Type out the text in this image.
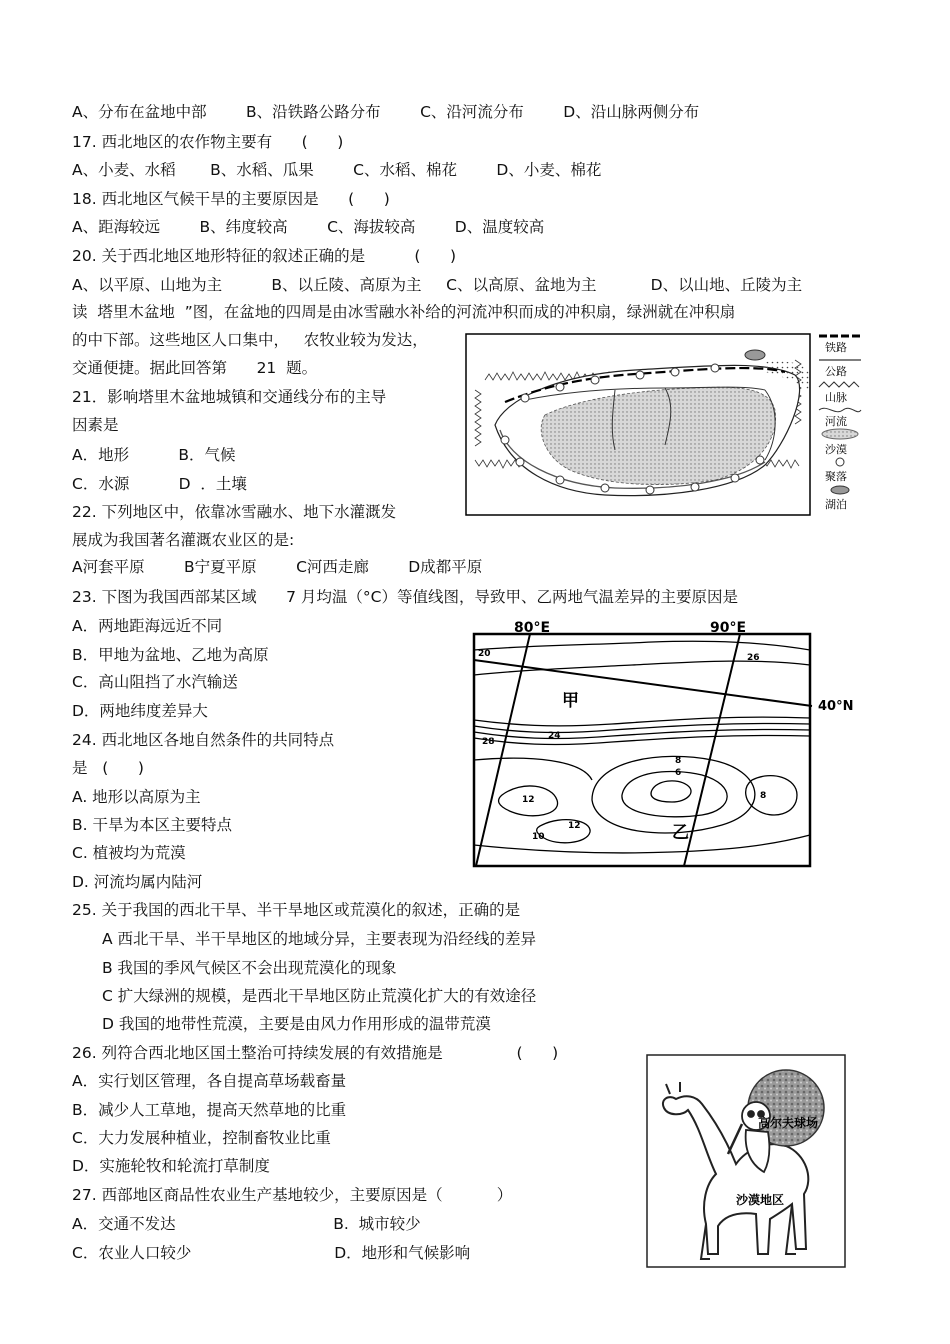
A、分布在盆地中部        B、沿铁路公路分布        C、沿河流分布        D、沿山脉两侧分布
17. 西北地区的农作物主要有      (      )
A、小麦、水稻       B、水稻、瓜果        C、水稻、棉花        D、小麦、棉花
18. 西北地区气候干旱的主要原因是      (      )
A、距海较远        B、纬度较高        C、海拔较高        D、温度较高
20. 关于西北地区地形特征的叙述正确的是          (      )
A、以平原、山地为主          B、以丘陵、高原为主     C、以高原、盆地为主           D、以山地、丘陵为主
读  塔里木盆地  ”图，在盆地的四周是由冰雪融水补给的河流冲积而成的冲积扇，绿洲就在冲积扇
的中下部。这些地区人口集中，   农牧业较为发达，
交通便捷。据此回答第      21  题。
21．影响塔里木盆地城镇和交通线分布的主导
因素是
A．地形          B．气候
C．水源          D  ．土壤
22. 下列地区中，依靠冰雪融水、地下水灌溉发
展成为我国著名灌溉农业区的是:
A河套平原        B宁夏平原        C河西走廊        D成都平原
23. 下图为我国西部某区域      7 月均温（°C）等值线图，导致甲、乙两地气温差异的主要原因是
A．两地距海远近不同
B．甲地为盆地、乙地为高原
C．高山阻挡了水汽输送
D．两地纬度差异大
24. 西北地区各地自然条件的共同特点
是   (      )
A. 地形以高原为主
B. 干旱为本区主要特点
C. 植被均为荒漠
D. 河流均属内陆河
25. 关于我国的西北干旱、半干旱地区或荒漠化的叙述，正确的是
A 西北干旱、半干旱地区的地域分异，主要表现为沿经线的差异
B 我国的季风气候区不会出现荒漠化的现象
C 扩大绿洲的规模，是西北干旱地区防止荒漠化扩大的有效途径
D 我国的地带性荒漠，主要是由风力作用形成的温带荒漠
26. 列符合西北地区国土整治可持续发展的有效措施是               (      )
A．实行划区管理，各自提高草场载畜量
B．减少人工草地，提高天然草地的比重
C．大力发展种植业，控制畜牧业比重
D．实施轮牧和轮流打草制度
27. 西部地区商品性农业生产基地较少，主要原因是（           ）
A．交通不发达                                B.  城市较少
C．农业人口较少                             D．地形和气候影响
铁路
公路
山脉
河流
沙漠
聚落
湖泊
80°E	90°E
40°N
20	26
24
28
8
6
12
12
10
8
甲
乙
高尔夫球场
沙漠地区
